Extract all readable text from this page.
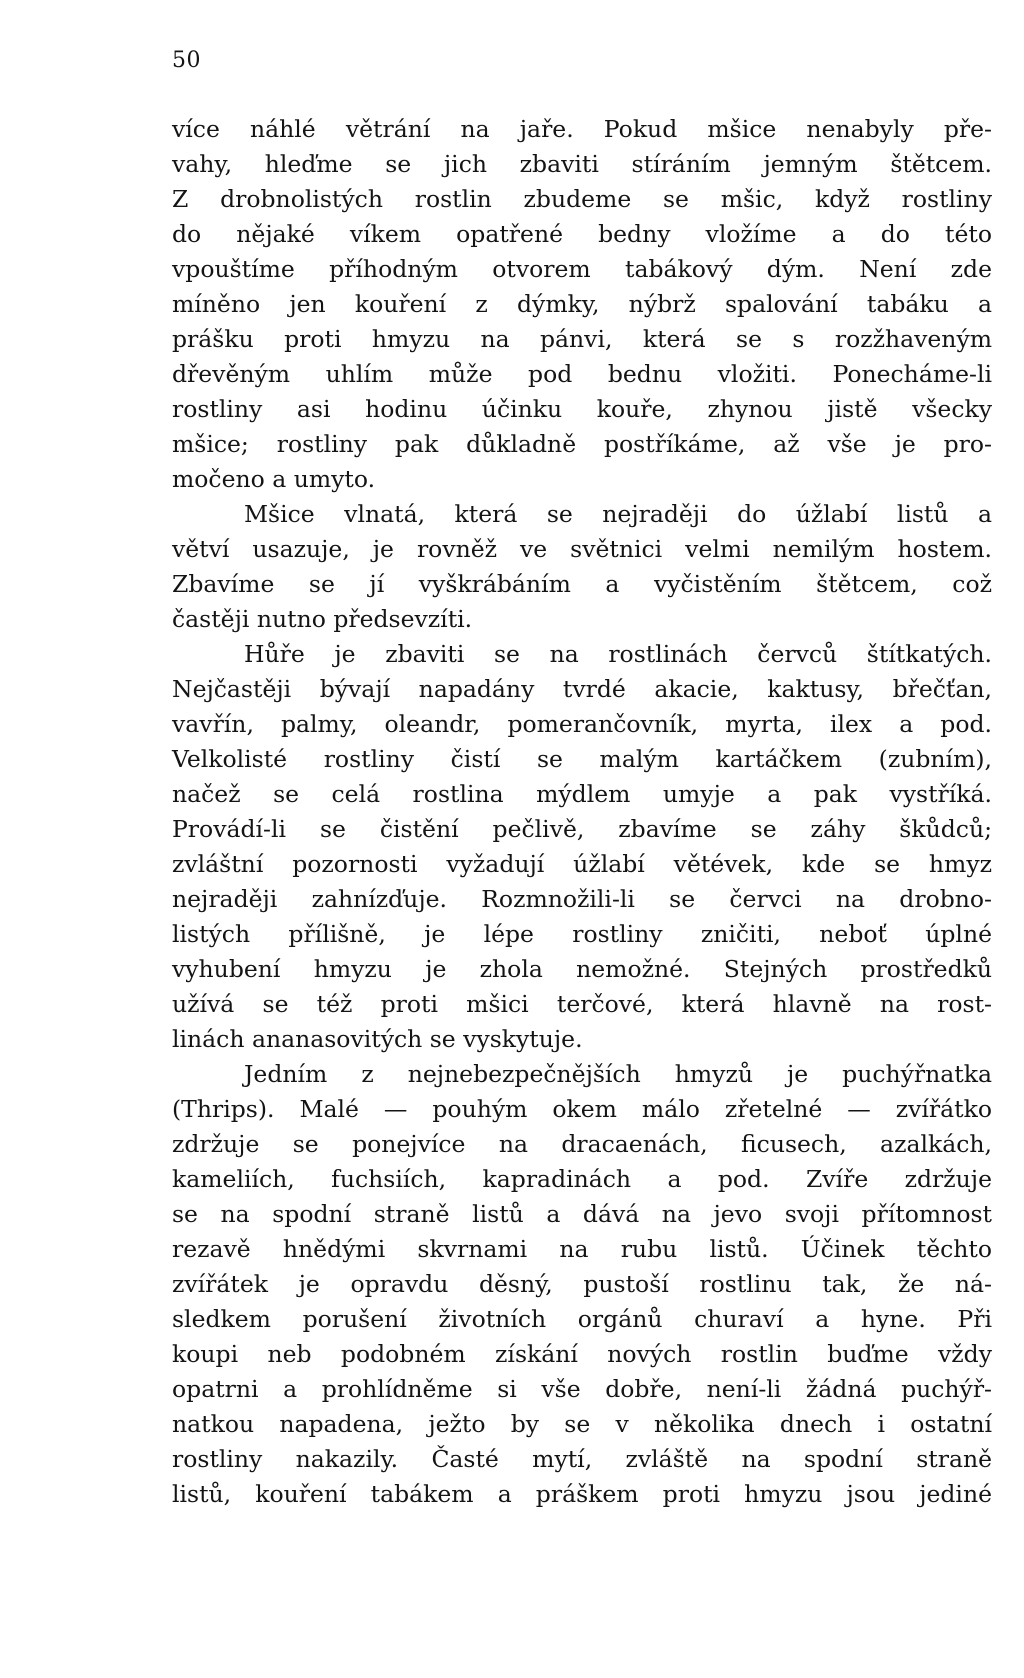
50
více náhlé větrání na jaře. Pokud mšice nenabyly pře-
vahy, hleďme se jich zbaviti stíráním jemným štětcem.
Z drobnolistých rostlin zbudeme se mšic, když rostliny
do nějaké víkem opatřené bedny vložíme a do této
vpouštíme příhodným otvorem tabákový dým. Není zde
míněno jen kouření z dýmky, nýbrž spalování tabáku a
prášku proti hmyzu na pánvi, která se s rozžhaveným
dřevěným uhlím může pod bednu vložiti. Ponecháme-li
rostliny asi hodinu účinku kouře, zhynou jistě všecky
mšice; rostliny pak důkladně postříkáme, až vše je pro-
močeno a umyto.
Mšice vlnatá, která se nejraději do úžlabí listů a
větví usazuje, je rovněž ve světnici velmi nemilým hostem.
Zbavíme se jí vyškrábáním a vyčistěním štětcem, což
častěji nutno předsevzíti.
Hůře je zbaviti se na rostlinách červců štítkatých.
Nejčastěji bývají napadány tvrdé akacie, kaktusy, břečťan,
vavřín, palmy, oleandr, pomerančovník, myrta, ilex a pod.
Velkolisté rostliny čistí se malým kartáčkem (zubním),
načež se celá rostlina mýdlem umyje a pak vystříká.
Provádí-li se čistění pečlivě, zbavíme se záhy škůdců;
zvláštní pozornosti vyžadují úžlabí větévek, kde se hmyz
nejraději zahnízďuje. Rozmnožili-li se červci na drobno-
listých přílišně, je lépe rostliny zničiti, neboť úplné
vyhubení hmyzu je zhola nemožné. Stejných prostředků
užívá se též proti mšici terčové, která hlavně na rost-
linách ananasovitých se vyskytuje.
Jedním z nejnebezpečnějších hmyzů je puchýřnatka
(Thrips). Malé — pouhým okem málo zřetelné — zvířátko
zdržuje se ponejvíce na dracaenách, ficusech, azalkách,
kameliích, fuchsiích, kapradinách a pod. Zvíře zdržuje
se na spodní straně listů a dává na jevo svoji přítomnost
rezavě hnědými skvrnami na rubu listů. Účinek těchto
zvířátek je opravdu děsný, pustoší rostlinu tak, že ná-
sledkem porušení životních orgánů churaví a hyne. Při
koupi neb podobném získání nových rostlin buďme vždy
opatrni a prohlídněme si vše dobře, není-li žádná puchýř-
natkou napadena, ježto by se v několika dnech i ostatní
rostliny nakazily. Časté mytí, zvláště na spodní straně
listů, kouření tabákem a práškem proti hmyzu jsou jediné
